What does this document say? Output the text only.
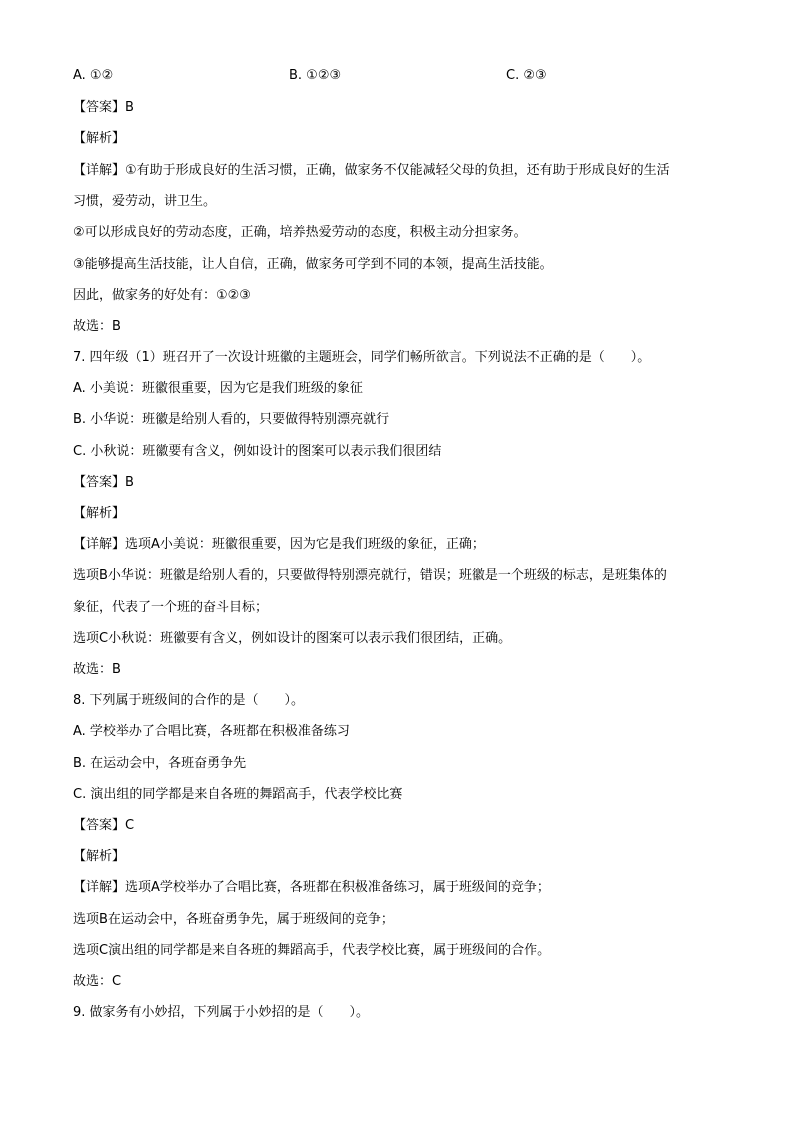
A. ①②	B. ①②③	C. ②③
【答案】B
【解析】
【详解】①有助于形成良好的生活习惯，正确，做家务不仅能减轻父母的负担，还有助于形成良好的生活
习惯，爱劳动，讲卫生。
②可以形成良好的劳动态度，正确，培养热爱劳动的态度，积极主动分担家务。
③能够提高生活技能，让人自信，正确，做家务可学到不同的本领，提高生活技能。
因此，做家务的好处有：①②③
故选：B
7. 四年级（1）班召开了一次设计班徽的主题班会，同学们畅所欲言。下列说法不正确的是（　　）。
A. 小美说：班徽很重要，因为它是我们班级的象征
B. 小华说：班徽是给别人看的，只要做得特别漂亮就行
C. 小秋说：班徽要有含义，例如设计的图案可以表示我们很团结
【答案】B
【解析】
【详解】选项A小美说：班徽很重要，因为它是我们班级的象征，正确；
选项B小华说：班徽是给别人看的，只要做得特别漂亮就行，错误；班徽是一个班级的标志，是班集体的
象征，代表了一个班的奋斗目标；
选项C小秋说：班徽要有含义，例如设计的图案可以表示我们很团结，正确。
故选：B
8. 下列属于班级间的合作的是（　　）。
A. 学校举办了合唱比赛，各班都在积极准备练习
B. 在运动会中，各班奋勇争先
C. 演出组的同学都是来自各班的舞蹈高手，代表学校比赛
【答案】C
【解析】
【详解】选项A学校举办了合唱比赛，各班都在积极准备练习，属于班级间的竞争；
选项B在运动会中，各班奋勇争先，属于班级间的竞争；
选项C演出组的同学都是来自各班的舞蹈高手，代表学校比赛，属于班级间的合作。
故选：C
9. 做家务有小妙招，下列属于小妙招的是（　　）。
